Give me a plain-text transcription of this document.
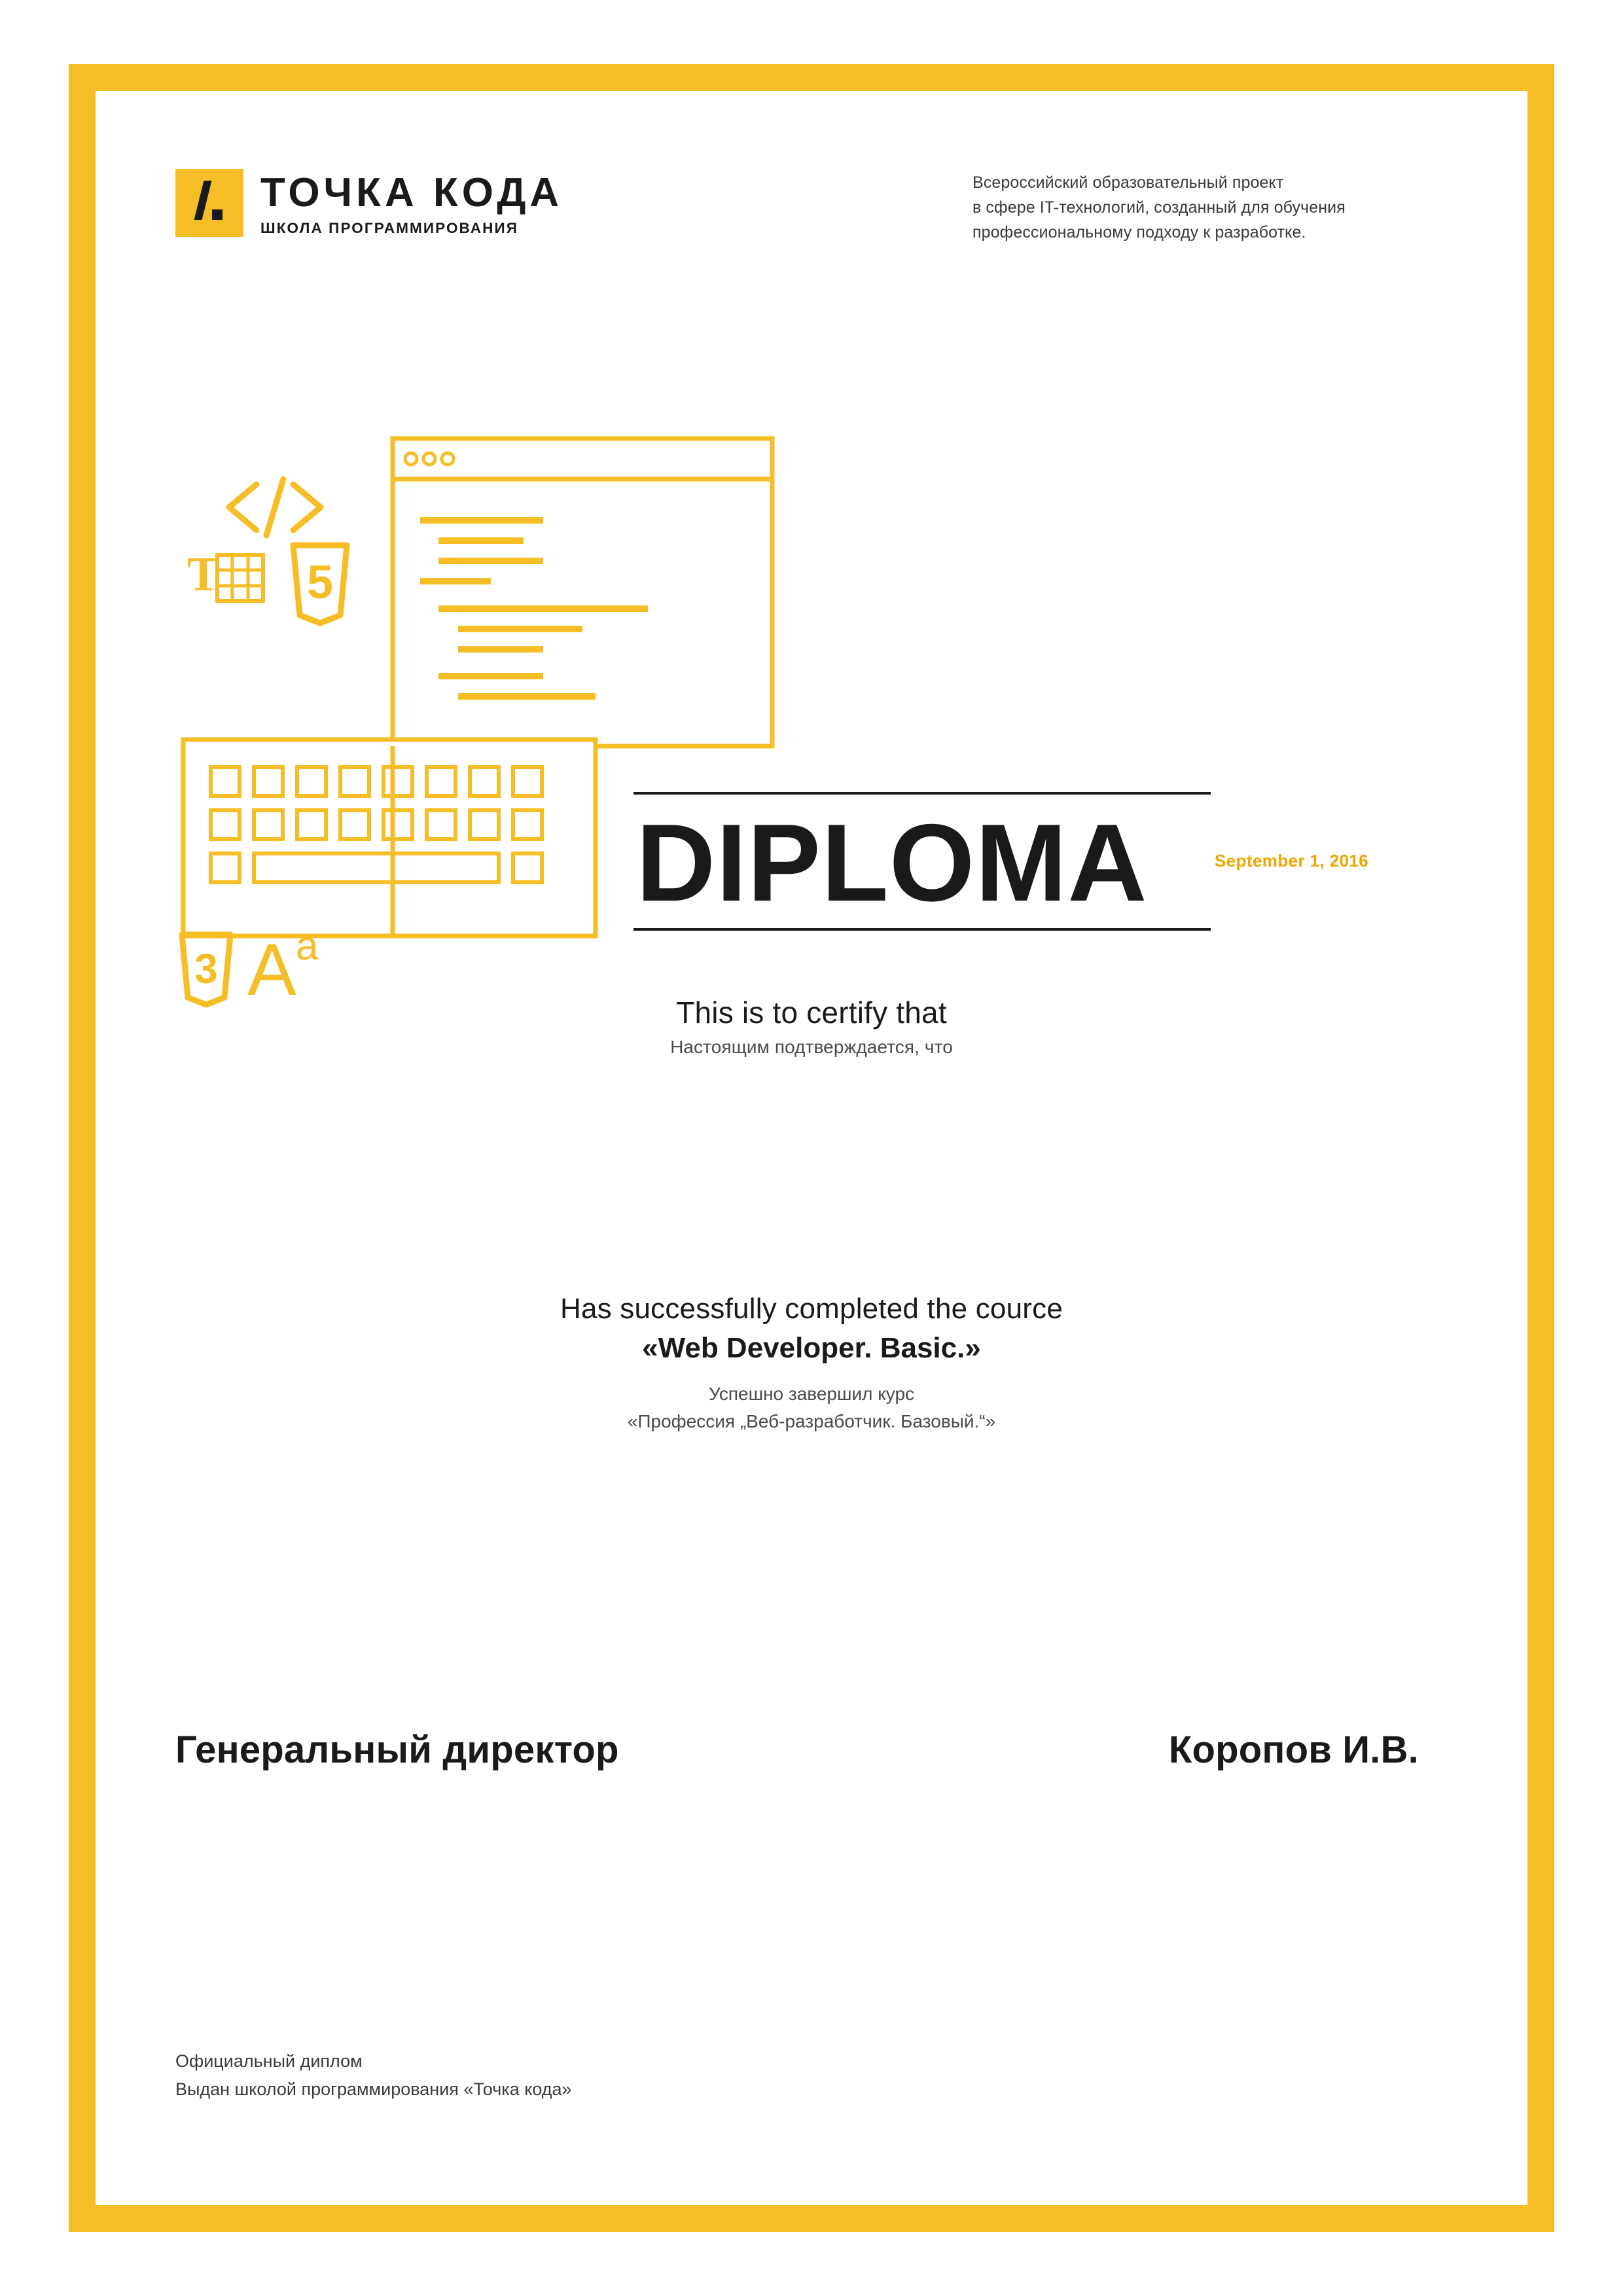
ТОЧКА КОДА
ШКОЛА ПРОГРАММИРОВАНИЯ
Всероссийский образовательный проект
в сфере IT-технологий, созданный для обучения
профессиональному подходу к разработке.
5
T
3 A a
DIPLOMA	September 1, 2016
This is to certify that
Настоящим подтверждается, что
Has successfully completed the cource
«Web Developer. Basic.»
Успешно завершил курс
«Профессия „Веб-разработчик. Базовый.“»
Генеральный директор	Коропов И.В.
Официальный диплом
Выдан школой программирования «Точка кода»
